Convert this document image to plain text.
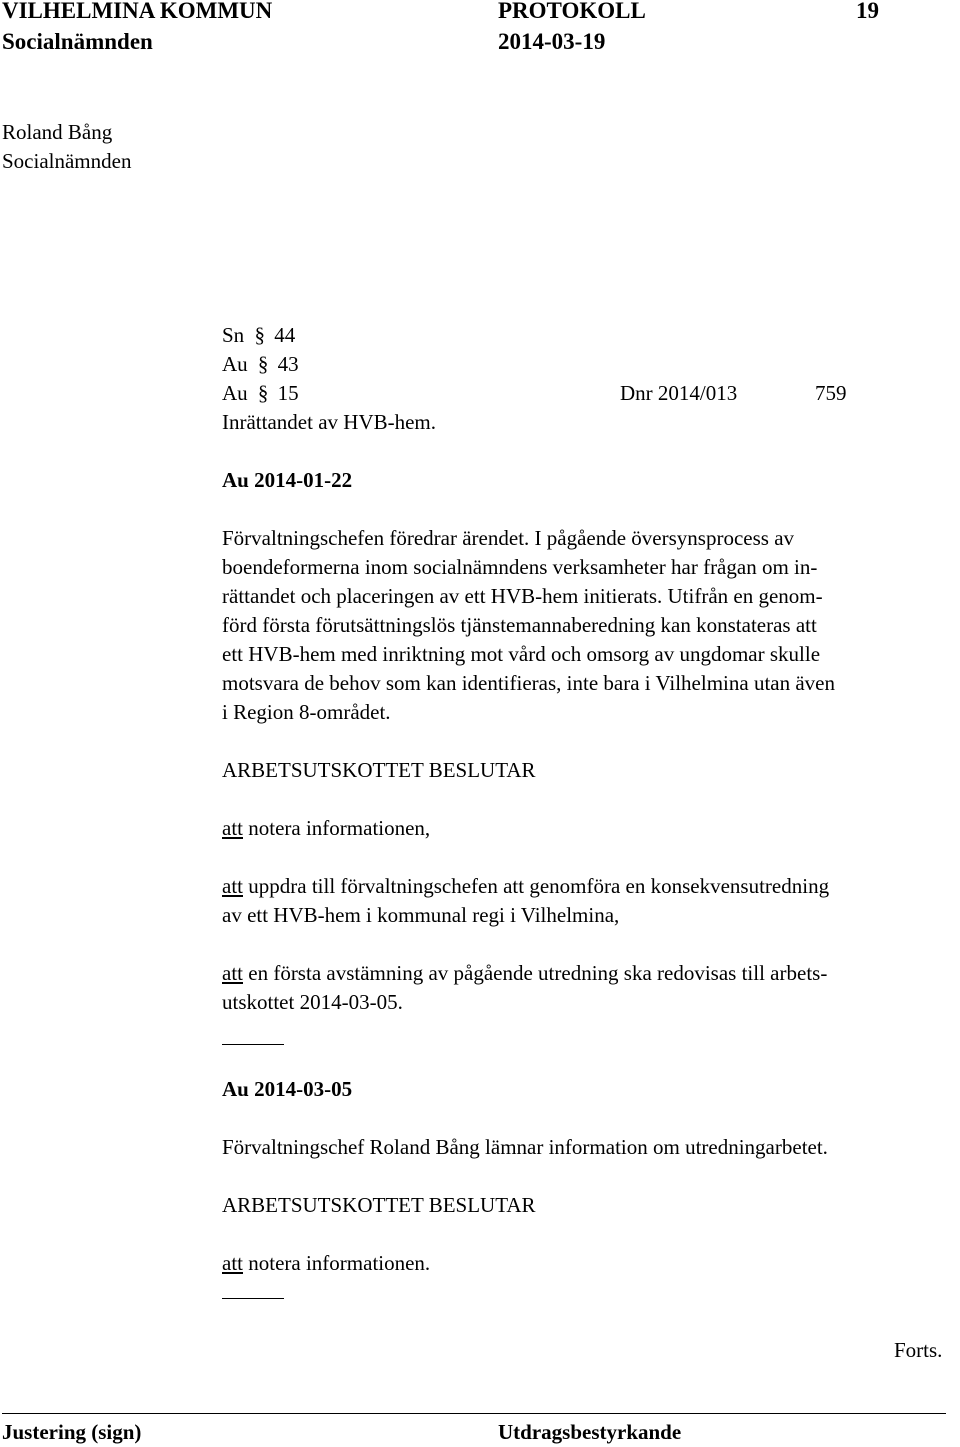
VILHELMINA KOMMUN
Socialnämnden
PROTOKOLL
2014-03-19
19
Roland Bång
Socialnämnden
Sn § 44
Au § 43
Au § 15	Dnr 2014/013	759
Inrättandet av HVB-hem.
Au 2014-01-22
Förvaltningschefen föredrar ärendet. I pågående översynsprocess av
boendeformerna inom socialnämndens verksamheter har frågan om in-
rättandet och placeringen av ett HVB-hem initierats. Utifrån en genom-
förd första förutsättningslös tjänstemannaberedning kan konstateras att
ett HVB-hem med inriktning mot vård och omsorg av ungdomar skulle
motsvara de behov som kan identifieras, inte bara i Vilhelmina utan även
i Region 8-området.
ARBETSUTSKOTTET BESLUTAR
att notera informationen,
att uppdra till förvaltningschefen att genomföra en konsekvensutredning
av ett HVB-hem i kommunal regi i Vilhelmina,
att en första avstämning av pågående utredning ska redovisas till arbets-
utskottet 2014-03-05.
Au 2014-03-05
Förvaltningschef Roland Bång lämnar information om utredningarbetet.
ARBETSUTSKOTTET BESLUTAR
att notera informationen.
Forts.
Justering (sign)	Utdragsbestyrkande
